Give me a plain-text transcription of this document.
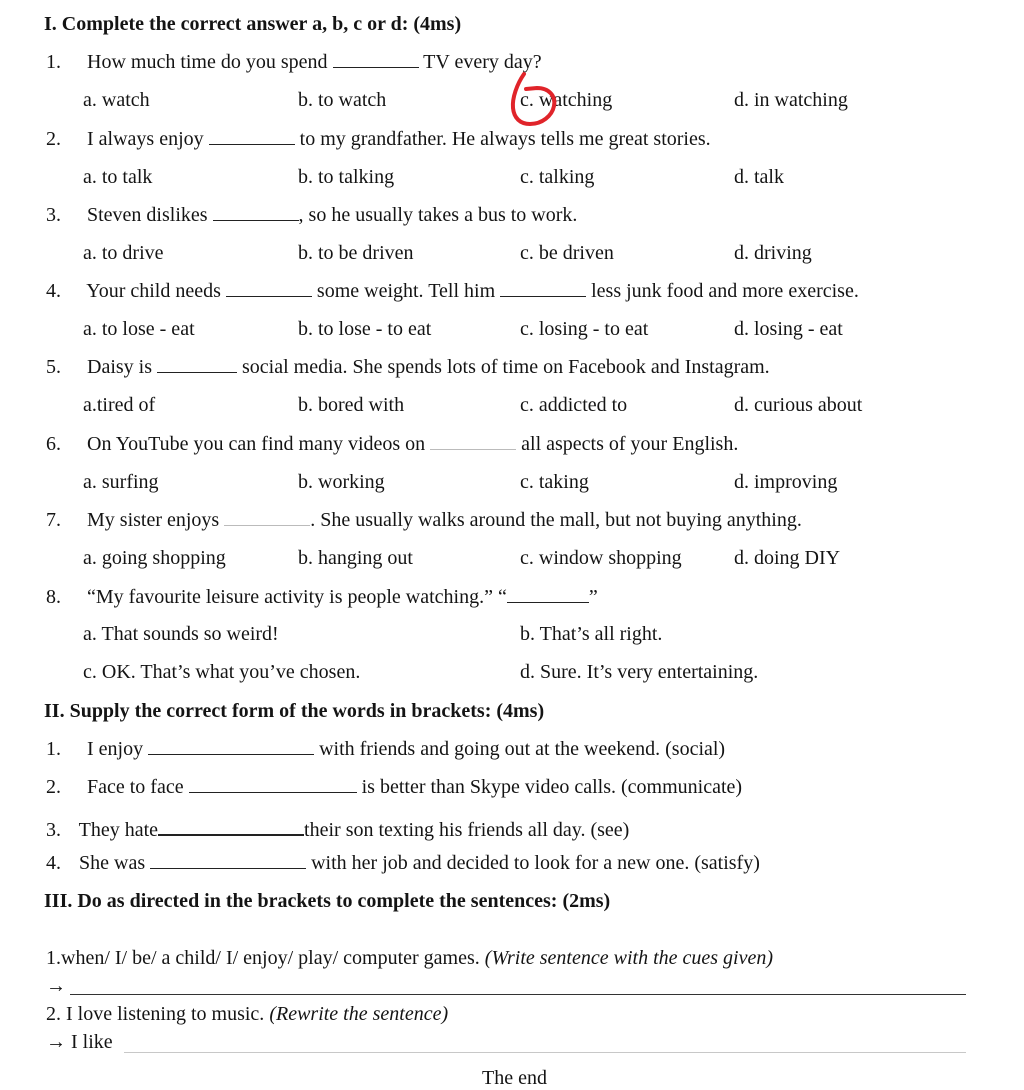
I. Complete the correct answer a, b, c or d: (4ms)
1. How much time do you spend	TV every day?
a. watch	b. to watch	c. watching	d. in watching
2. I always enjoy	to my grandfather. He always tells me great stories.
a. to talk	b. to talking	c. talking	d. talk
3. Steven dislikes	, so he usually takes a bus to work.
a. to drive	b. to be driven	c. be driven	d. driving
4. Your child needs	some weight. Tell him	less junk food and more exercise.
a. to lose - eat	b. to lose - to eat	c. losing - to eat	d. losing - eat
5. Daisy is	social media. She spends lots of time on Facebook and Instagram.
a.tired of	b. bored with	c. addicted to	d. curious about
6. On YouTube you can find many videos on	all aspects of your English.
a. surfing	b. working	c. taking	d. improving
7. My sister enjoys	. She usually walks around the mall, but not buying anything.
a. going shopping	b. hanging out	c. window shopping	d. doing DIY
8. “My favourite leisure activity is people watching.” “	”
a. That sounds so weird!	b. That’s all right.
c. OK. That’s what you’ve chosen.	d. Sure. It’s very entertaining.
II. Supply the correct form of the words in brackets: (4ms)
1. I enjoy	with friends and going out at the weekend. (social)
2. Face to face	is better than Skype video calls. (communicate)
3. They hate	their son texting his friends all day. (see)
4. She was	with her job and decided to look for a new one. (satisfy)
III. Do as directed in the brackets to complete the sentences: (2ms)
1.when/ I/ be/ a child/ I/ enjoy/ play/ computer games. (Write sentence with the cues given)
→
2. I love listening to music. (Rewrite the sentence)
→ I like
The end
